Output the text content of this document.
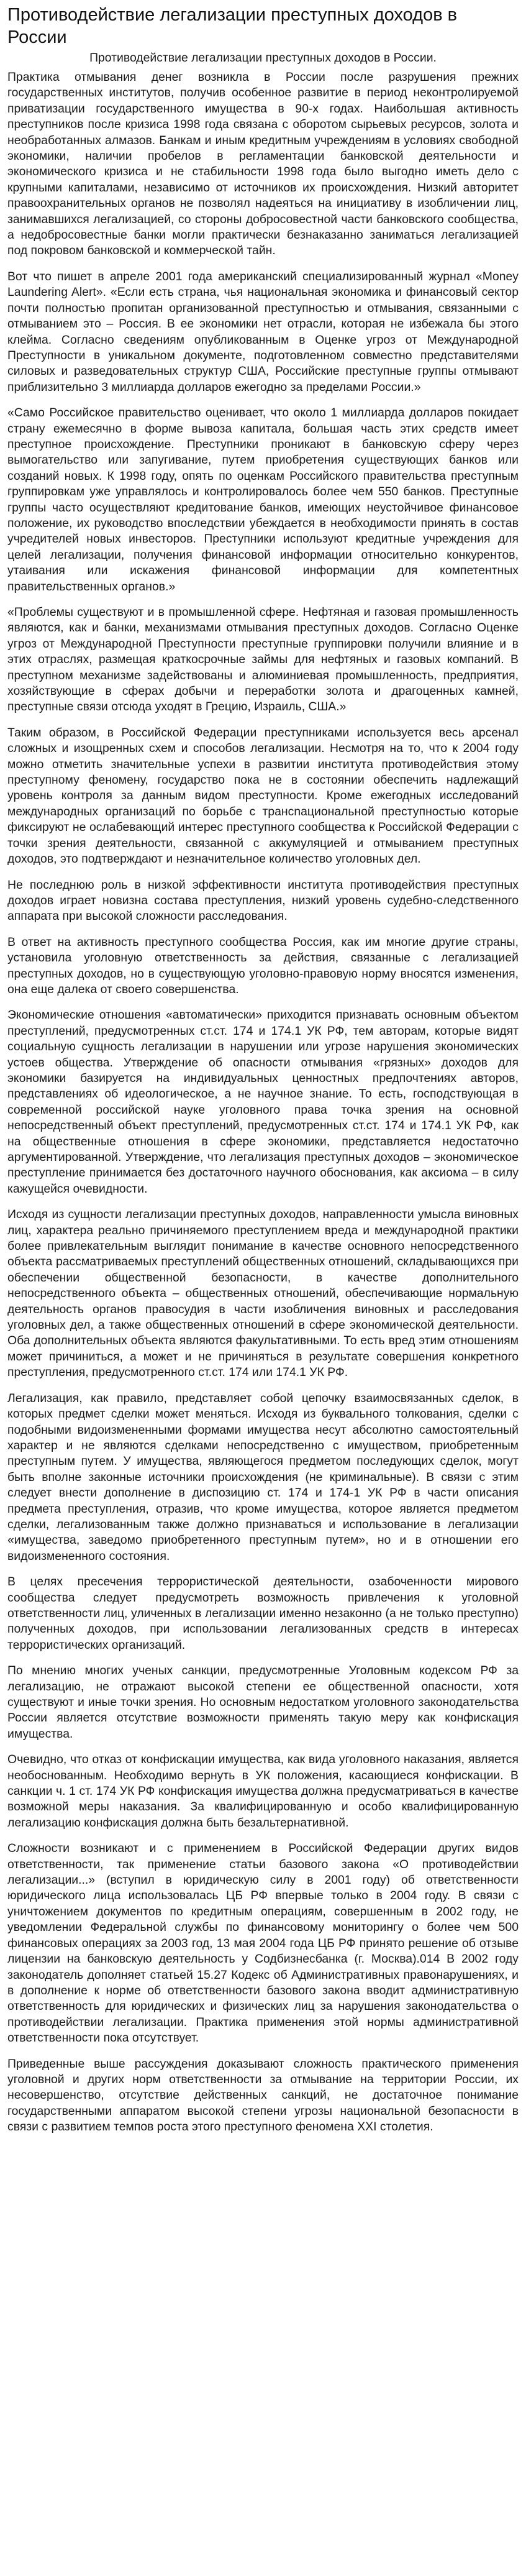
Противодействие легализации преступных доходов в России
Противодействие легализации преступных доходов в России.

Практика отмывания денег возникла в России после разрушения прежних государственных институтов, получив особенное развитие в период неконтролируемой приватизации государственного имущества в 90-х годах. Наибольшая активность преступников после кризиса 1998 года связана с оборотом сырьевых ресурсов, золота и необработанных алмазов. Банкам и иным кредитным учреждениям в условиях свободной экономики, наличии пробелов в регламентации банковской деятельности и экономического кризиса и не стабильности 1998 года было выгодно иметь дело с крупными капиталами, независимо от источников их происхождения. Низкий авторитет правоохранительных органов не позволял надеяться на инициативу в изобличении лиц, занимавшихся легализацией, со стороны добросовестной части банковского сообщества, а недобросовестные банки могли практически безнаказанно заниматься легализацией под покровом банковской и коммерческой тайн.

Вот что пишет в апреле 2001 года американский специализированный журнал «Money Laundering Alert». «Если есть страна, чья национальная экономика и финансовый сектор почти полностью пропитан организованной преступностью и отмывания, связанными с отмыванием это – Россия. В ее экономики нет отрасли, которая не избежала бы этого клейма. Согласно сведениям опубликованным в Оценке угроз от Международной Преступности в уникальном документе, подготовленном совместно представителями силовых и разведовательных структур США, Российские преступные группы отмывают приблизительно 3 миллиарда долларов ежегодно за пределами России.»

«Само Российское правительство оценивает, что около 1 миллиарда долларов покидает страну ежемесячно в форме вывоза капитала, большая часть этих средств имеет преступное происхождение. Преступники проникают в банковскую сферу через вымогательство или запугивание, путем приобретения существующих банков или созданий новых. К 1998 году, опять по оценкам Российского правительства преступным группировкам уже управлялось и контролировалось более чем 550 банков. Преступные группы часто осуществляют кредитование банков, имеющих неустойчивое финансовое положение, их руководство впоследствии убеждается в необходимости принять в состав учредителей новых инвесторов. Преступники используют кредитные учреждения для целей легализации, получения финансовой информации относительно конкурентов, утаивания или искажения финансовой информации для компетентных правительственных органов.»

«Проблемы существуют и в промышленной сфере. Нефтяная и газовая промышленность являются, как и банки, механизмами отмывания преступных доходов. Согласно Оценке угроз от Международной Преступности преступные группировки получили влияние и в этих отраслях, размещая краткосрочные займы для нефтяных и газовых компаний. В преступном механизме задействованы и алюминиевая промышленность, предприятия, хозяйствующие в сферах добычи и переработки золота и драгоценных камней, преступные связи отсюда уходят в Грецию, Израиль, США.»

Таким образом, в Российской Федерации преступниками используется весь арсенал сложных и изощренных схем и способов легализации. Несмотря на то, что к 2004 году можно отметить значительные успехи в развитии института противодействия этому преступному феномену, государство пока не в состоянии обеспечить надлежащий уровень контроля за данным видом преступности. Кроме ежегодных исследований международных организаций по борьбе с трансnациональной преступностью которые фиксируют не ослабевающий интерес преступного сообщества к Российской Федерации с точки зрения деятельности, связанной с аккумуляцией и отмыванием преступных доходов, это подтверждают и незначительное количество уголовных дел.

Не последнюю роль в низкой эффективности института противодействия преступных доходов играет новизна состава преступления, низкий уровень судебно-следственного аппарата при высокой сложности расследования.

В ответ на активность преступного сообщества Россия, как им многие другие страны, установила уголовную ответственность за действия, связанные с легализацией преступных доходов, но в существующую уголовно-правовую норму вносятся изменения, она еще далека от своего совершенства.

Экономические отношения «автоматически» приходится признавать основным объектом преступлений, предусмотренных ст.ст. 174 и 174.1 УК РФ, тем авторам, которые видят социальную сущность легализации в нарушении или угрозе нарушения экономических устоев общества. Утверждение об опасности отмывания «грязных» доходов для экономики базируется на индивидуальных ценностных предпочтениях авторов, представлениях об идеологическое, а не научное знание. То есть, господствующая в современной российской науке уголовного права точка зрения на основной непосредственный объект преступлений, предусмотренных ст.ст. 174 и 174.1 УК РФ, как на общественные отношения в сфере экономики, представляется недостаточно аргументированной. Утверждение, что легализация преступных доходов – экономическое преступление принимается без достаточного научного обоснования, как аксиома – в силу кажущейся очевидности.

Исходя из сущности легализации преступных доходов, направленности умысла виновных лиц, характера реально причиняемого преступлением вреда и международной практики более привлекательным выглядит понимание в качестве основного непосредственного объекта рассматриваемых преступлений общественных отношений, складывающихся при обеспечении общественной безопасности, в качестве дополнительного непосредственного объекта – общественных отношений, обеспечивающие нормальную деятельность органов правосудия в части изобличения виновных и расследования уголовных дел, а также общественных отношений в сфере экономической деятельности. Оба дополнительных объекта являются факультативными. То есть вред этим отношениям может причиниться, а может и не причиняться в результате совершения конкретного преступления, предусмотренного ст.ст. 174 или 174.1 УК РФ.

Легализация, как правило, представляет собой цепочку взаимосвязанных сделок, в которых предмет сделки может меняться. Исходя из буквального толкования, сделки с подобными видоизмененными формами имущества несут абсолютно самостоятельный характер и не являются сделками непосредственно с имуществом, приобретенным преступным путем. У имущества, являющегося предметом последующих сделок, могут быть вполне законные источники происхождения (не криминальные). В связи с этим следует внести дополнение в диспозицию ст. 174 и 174-1 УК РФ в части описания предмета преступления, отразив, что кроме имущества, которое является предметом сделки, легализованным также должно признаваться и использование в легализации «имущества, заведомо приобретенного преступным путем», но и в отношении его видоизмененного состояния.

В целях пресечения террористической деятельности, озабоченности мирового сообщества следует предусмотреть возможность привлечения к уголовной ответственности лиц, уличенных в легализации именно незаконно (а не только преступно) полученных доходов, при использовании легализованных средств в интересах террористических организаций.

По мнению многих ученых санкции, предусмотренные Уголовным кодексом РФ за легализацию, не отражают высокой степени ее общественной опасности, хотя существуют и иные точки зрения. Но основным недостатком уголовного законодательства России является отсутствие возможности применять такую меру как конфискация имущества.

Очевидно, что отказ от конфискации имущества, как вида уголовного наказания, является необоснованным. Необходимо вернуть в УК положения, касающиеся конфискации. В санкции ч. 1 ст. 174 УК РФ конфискация имущества должна предусматриваться в качестве возможной меры наказания. За квалифицированную и особо квалифицированную легализацию конфискация должна быть безальтернативной.

Сложности возникают и с применением в Российской Федерации других видов ответственности, так применение статьи базового закона «О противодействии легализации...» (вступил в юридическую силу в 2001 году) об ответственности юридического лица использовалась ЦБ РФ впервые только в 2004 году. В связи с уничтожением документов по кредитным операциям, совершенным в 2002 году, не уведомлении Федеральной службы по финансовому мониторингу о более чем 500 финансовых операциях за 2003 год, 13 мая 2004 года ЦБ РФ принято решение об отзыве лицензии на банковскую деятельность у Содбизнесбанка (г. Москва).014 В 2002 году законодатель дополняет статьей 15.27 Кодекс об Административных правонарушениях, и в дополнение к норме об ответственности базового закона вводит административную ответственность для юридических и физических лиц за нарушения законодательства о противодействии легализации. Практика применения этой нормы административной ответственности пока отсутствует.

Приведенные выше рассуждения доказывают сложность практического применения уголовной и других норм ответственности за отмывание на территории России, их несовершенство, отсутствие действенных санкций, не достаточное понимание государственными аппаратом высокой степени угрозы национальной безопасности в связи с развитием темпов роста этого преступного феномена XXI столетия.
